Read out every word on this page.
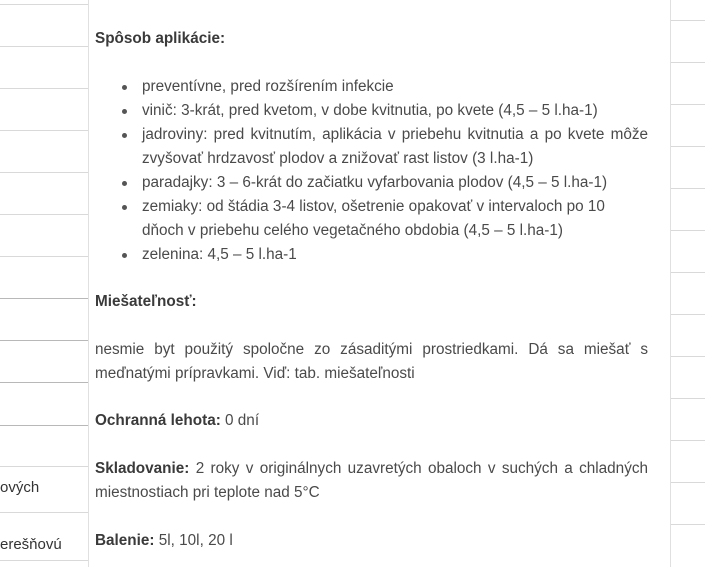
ových
erešňovú
Spôsob aplikácie:
preventívne, pred rozšírením infekcie
vinič: 3-krát, pred kvetom, v dobe kvitnutia, po kvete (4,5 – 5 l.ha-1)
jadroviny: pred kvitnutím, aplikácia v priebehu kvitnutia a po kvete môže zvyšovať hrdzavosť plodov a znižovať rast listov (3 l.ha-1)
paradajky: 3 – 6-krát do začiatku vyfarbovania plodov (4,5 – 5 l.ha-1)
zemiaky: od štádia 3-4 listov, ošetrenie opakovať v intervaloch po 10 dňoch v priebehu celého vegetačného obdobia (4,5 – 5 l.ha-1)
zelenina: 4,5 – 5 l.ha-1
Miešateľnosť:
nesmie byt použitý spoločne zo zásaditými prostriedkami. Dá sa miešať s meďnatými prípravkami. Viď: tab. miešateľnosti
Ochranná lehota: 0 dní
Skladovanie: 2 roky v originálnych uzavretých obaloch v suchých a chladných miestnostiach pri teplote nad 5°C
Balenie: 5l, 10l, 20 l
